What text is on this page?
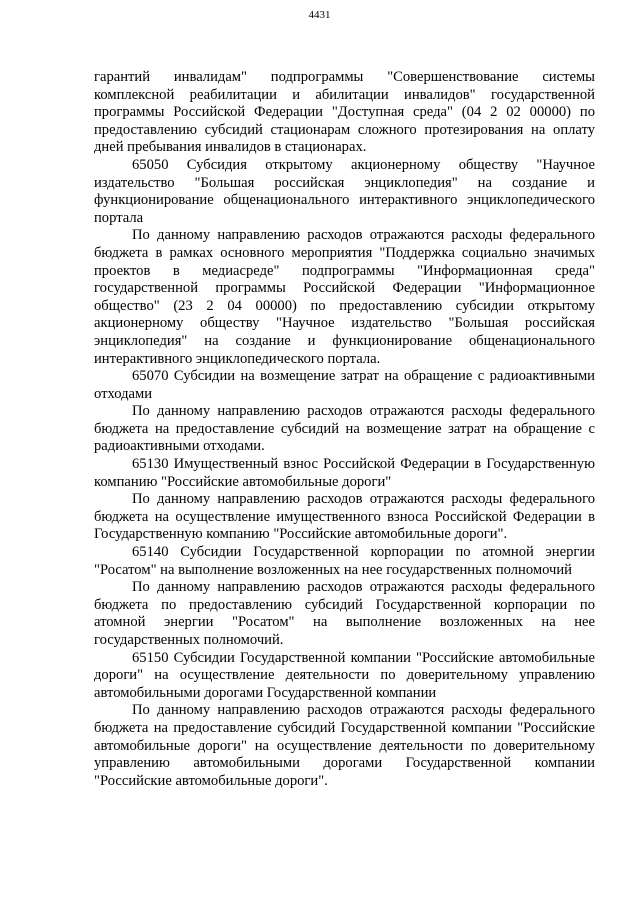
4431

гарантий инвалидам" подпрограммы "Совершенствование системы комплексной реабилитации и абилитации инвалидов" государственной программы Российской Федерации "Доступная среда" (04 2 02 00000) по предоставлению субсидий стационарам сложного протезирования на оплату дней пребывания инвалидов в стационарах.

65050 Субсидия открытому акционерному обществу "Научное издательство "Большая российская энциклопедия" на создание и функционирование общенационального интерактивного энциклопедического портала

По данному направлению расходов отражаются расходы федерального бюджета в рамках основного мероприятия "Поддержка социально значимых проектов в медиасреде" подпрограммы "Информационная среда" государственной программы Российской Федерации "Информационное общество" (23 2 04 00000) по предоставлению субсидии открытому акционерному обществу "Научное издательство "Большая российская энциклопедия" на создание и функционирование общенационального интерактивного энциклопедического портала.

65070 Субсидии на возмещение затрат на обращение с радиоактивными отходами

По данному направлению расходов отражаются расходы федерального бюджета на предоставление субсидий на возмещение затрат на обращение с радиоактивными отходами.

65130 Имущественный взнос Российской Федерации в Государственную компанию "Российские автомобильные дороги"

По данному направлению расходов отражаются расходы федерального бюджета на осуществление имущественного взноса Российской Федерации в Государственную компанию "Российские автомобильные дороги".

65140 Субсидии Государственной корпорации по атомной энергии "Росатом" на выполнение возложенных на нее государственных полномочий

По данному направлению расходов отражаются расходы федерального бюджета по предоставлению субсидий Государственной корпорации по атомной энергии "Росатом" на выполнение возложенных на нее государственных полномочий.

65150 Субсидии Государственной компании "Российские автомобильные дороги" на осуществление деятельности по доверительному управлению автомобильными дорогами Государственной компании

По данному направлению расходов отражаются расходы федерального бюджета на предоставление субсидий Государственной компании "Российские автомобильные дороги" на осуществление деятельности по доверительному управлению автомобильными дорогами Государственной компании "Российские автомобильные дороги".
